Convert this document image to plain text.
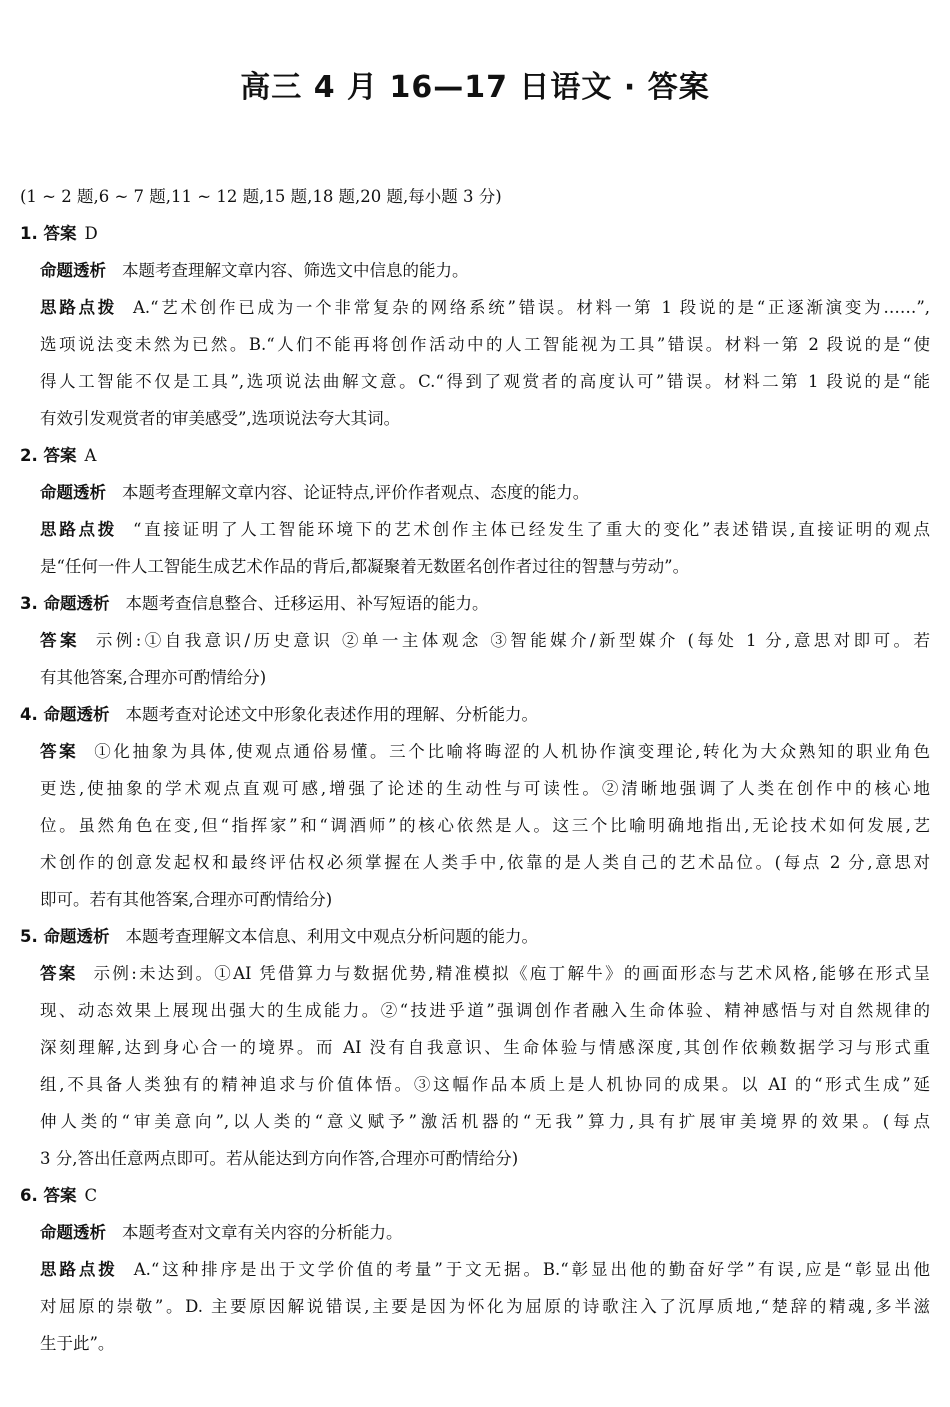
高三 4 月 16—17 日语文 · 答案
(1 ~ 2 题,6 ~ 7 题,11 ~ 12 题,15 题,18 题,20 题,每小题 3 分)
1. 答案 D
命题透析 本题考查理解文章内容、筛选文中信息的能力。
思路点拨 A.“艺术创作已成为一个非常复杂的网络系统”错误。材料一第 1 段说的是“正逐渐演变为……”,
选项说法变未然为已然。B.“人们不能再将创作活动中的人工智能视为工具”错误。材料一第 2 段说的是“使
得人工智能不仅是工具”,选项说法曲解文意。C.“得到了观赏者的高度认可”错误。材料二第 1 段说的是“能
有效引发观赏者的审美感受”,选项说法夸大其词。
2. 答案 A
命题透析 本题考查理解文章内容、论证特点,评价作者观点、态度的能力。
思路点拨 “直接证明了人工智能环境下的艺术创作主体已经发生了重大的变化”表述错误,直接证明的观点
是“任何一件人工智能生成艺术作品的背后,都凝聚着无数匿名创作者过往的智慧与劳动”。
3. 命题透析 本题考查信息整合、迁移运用、补写短语的能力。
答案 示例:①自我意识/历史意识 ②单一主体观念 ③智能媒介/新型媒介 (每处 1 分,意思对即可。若
有其他答案,合理亦可酌情给分)
4. 命题透析 本题考查对论述文中形象化表述作用的理解、分析能力。
答案 ①化抽象为具体,使观点通俗易懂。三个比喻将晦涩的人机协作演变理论,转化为大众熟知的职业角色
更迭,使抽象的学术观点直观可感,增强了论述的生动性与可读性。②清晰地强调了人类在创作中的核心地
位。虽然角色在变,但“指挥家”和“调酒师”的核心依然是人。这三个比喻明确地指出,无论技术如何发展,艺
术创作的创意发起权和最终评估权必须掌握在人类手中,依靠的是人类自己的艺术品位。(每点 2 分,意思对
即可。若有其他答案,合理亦可酌情给分)
5. 命题透析 本题考查理解文本信息、利用文中观点分析问题的能力。
答案 示例:未达到。①AI 凭借算力与数据优势,精准模拟《庖丁解牛》的画面形态与艺术风格,能够在形式呈
现、动态效果上展现出强大的生成能力。②“技进乎道”强调创作者融入生命体验、精神感悟与对自然规律的
深刻理解,达到身心合一的境界。而 AI 没有自我意识、生命体验与情感深度,其创作依赖数据学习与形式重
组,不具备人类独有的精神追求与价值体悟。③这幅作品本质上是人机协同的成果。以 AI 的“形式生成”延
伸人类的“审美意向”,以人类的“意义赋予”激活机器的“无我”算力,具有扩展审美境界的效果。(每点
3 分,答出任意两点即可。若从能达到方向作答,合理亦可酌情给分)
6. 答案 C
命题透析 本题考查对文章有关内容的分析能力。
思路点拨 A.“这种排序是出于文学价值的考量”于文无据。B.“彰显出他的勤奋好学”有误,应是“彰显出他
对屈原的崇敬”。D. 主要原因解说错误,主要是因为怀化为屈原的诗歌注入了沉厚质地,“楚辞的精魂,多半滋
生于此”。
